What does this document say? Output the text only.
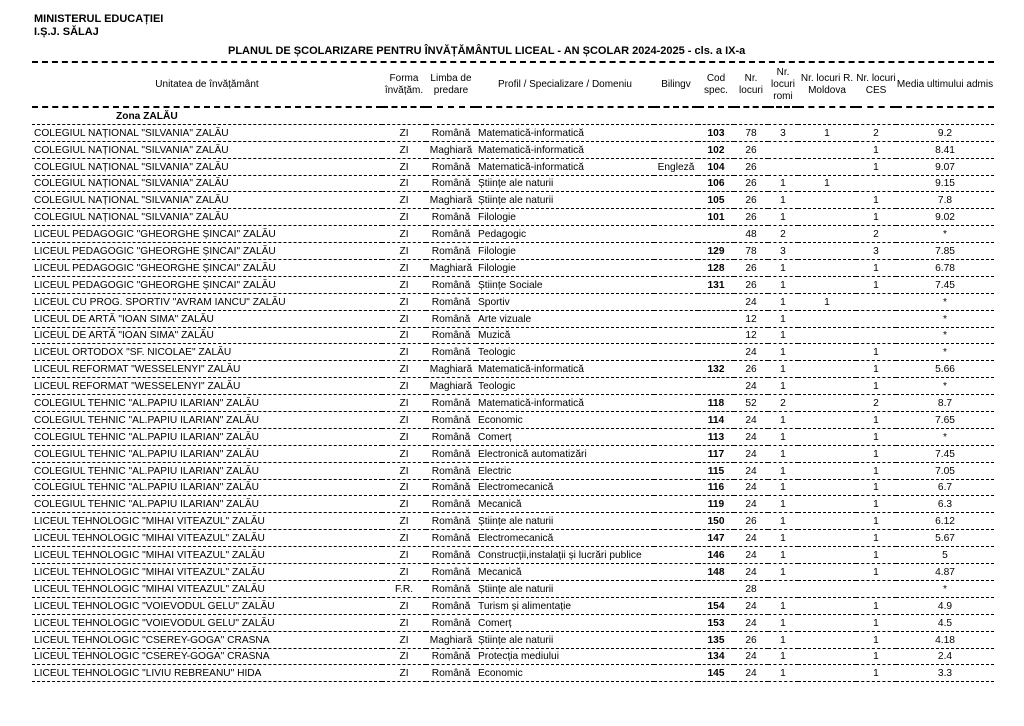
MINISTERUL EDUCAȚIEI
I.Ș.J. SĂLAJ
PLANUL DE ȘCOLARIZARE PENTRU ÎNVĂȚĂMÂNTUL LICEAL - AN ȘCOLAR 2024-2025 - cls. a IX-a
Unitatea de învățământ	Forma învățăm.	Limba de predare	Profil / Specializare / Domeniu	Bilingv	Cod spec.	Nr. locuri	Nr. locuri romi	Nr. locuri R. Moldova	Nr. locuri CES	Media ultimului admis
Zona ZALĂU										
COLEGIUL NAȚIONAL "SILVANIA" ZALĂU	ZI	Română	Matematică-informatică		103	78	3	1	2	9.2
COLEGIUL NAȚIONAL "SILVANIA" ZALĂU	ZI	Maghiară	Matematică-informatică		102	26			1	8.41
COLEGIUL NAȚIONAL "SILVANIA" ZALĂU	ZI	Română	Matematică-informatică	Engleză	104	26			1	9.07
COLEGIUL NAȚIONAL "SILVANIA" ZALĂU	ZI	Română	Științe ale naturii		106	26	1	1		9.15
COLEGIUL NAȚIONAL "SILVANIA" ZALĂU	ZI	Maghiară	Științe ale naturii		105	26	1		1	7.8
COLEGIUL NAȚIONAL "SILVANIA" ZALĂU	ZI	Română	Filologie		101	26	1		1	9.02
LICEUL PEDAGOGIC "GHEORGHE ȘINCAI" ZALĂU	ZI	Română	Pedagogic			48	2		2	*
LICEUL PEDAGOGIC "GHEORGHE ȘINCAI" ZALĂU	ZI	Română	Filologie		129	78	3		3	7.85
LICEUL PEDAGOGIC "GHEORGHE ȘINCAI" ZALĂU	ZI	Maghiară	Filologie		128	26	1		1	6.78
LICEUL PEDAGOGIC "GHEORGHE ȘINCAI" ZALĂU	ZI	Română	Științe Sociale		131	26	1		1	7.45
LICEUL CU PROG. SPORTIV "AVRAM IANCU" ZALĂU	ZI	Română	Sportiv			24	1	1		*
LICEUL DE ARTĂ "IOAN SIMA" ZALĂU	ZI	Română	Arte vizuale			12	1			*
LICEUL DE ARTĂ "IOAN SIMA" ZALĂU	ZI	Română	Muzică			12	1			*
LICEUL ORTODOX "SF. NICOLAE" ZALĂU	ZI	Română	Teologic			24	1		1	*
LICEUL REFORMAT "WESSELENYI" ZALĂU	ZI	Maghiară	Matematică-informatică		132	26	1		1	5.66
LICEUL REFORMAT "WESSELENYI" ZALĂU	ZI	Maghiară	Teologic			24	1		1	*
COLEGIUL TEHNIC "AL.PAPIU ILARIAN" ZALĂU	ZI	Română	Matematică-informatică		118	52	2		2	8.7
COLEGIUL TEHNIC "AL.PAPIU ILARIAN" ZALĂU	ZI	Română	Economic		114	24	1		1	7.65
COLEGIUL TEHNIC "AL.PAPIU ILARIAN" ZALĂU	ZI	Română	Comerț		113	24	1		1	*
COLEGIUL TEHNIC "AL.PAPIU ILARIAN" ZALĂU	ZI	Română	Electronică automatizări		117	24	1		1	7.45
COLEGIUL TEHNIC "AL.PAPIU ILARIAN" ZALĂU	ZI	Română	Electric		115	24	1		1	7.05
COLEGIUL TEHNIC "AL.PAPIU ILARIAN" ZALĂU	ZI	Română	Electromecanică		116	24	1		1	6.7
COLEGIUL TEHNIC "AL.PAPIU ILARIAN" ZALĂU	ZI	Română	Mecanică		119	24	1		1	6.3
LICEUL TEHNOLOGIC "MIHAI VITEAZUL" ZALĂU	ZI	Română	Științe ale naturii		150	26	1		1	6.12
LICEUL TEHNOLOGIC "MIHAI VITEAZUL" ZALĂU	ZI	Română	Electromecanică		147	24	1		1	5.67
LICEUL TEHNOLOGIC "MIHAI VITEAZUL" ZALĂU	ZI	Română	Construcții,instalații și lucrări publice		146	24	1		1	5
LICEUL TEHNOLOGIC "MIHAI VITEAZUL" ZALĂU	ZI	Română	Mecanică		148	24	1		1	4.87
LICEUL TEHNOLOGIC "MIHAI VITEAZUL" ZALĂU	F.R.	Română	Științe ale naturii			28				*
LICEUL TEHNOLOGIC "VOIEVODUL GELU" ZALĂU	ZI	Română	Turism și alimentație		154	24	1		1	4.9
LICEUL TEHNOLOGIC "VOIEVODUL GELU" ZALĂU	ZI	Română	Comerț		153	24	1		1	4.5
LICEUL TEHNOLOGIC "CSEREY-GOGA" CRASNA	ZI	Maghiară	Științe ale naturii		135	26	1		1	4.18
LICEUL TEHNOLOGIC "CSEREY-GOGA" CRASNA	ZI	Română	Protecția mediului		134	24	1		1	2.4
LICEUL TEHNOLOGIC "LIVIU REBREANU" HIDA	ZI	Română	Economic		145	24	1		1	3.3
